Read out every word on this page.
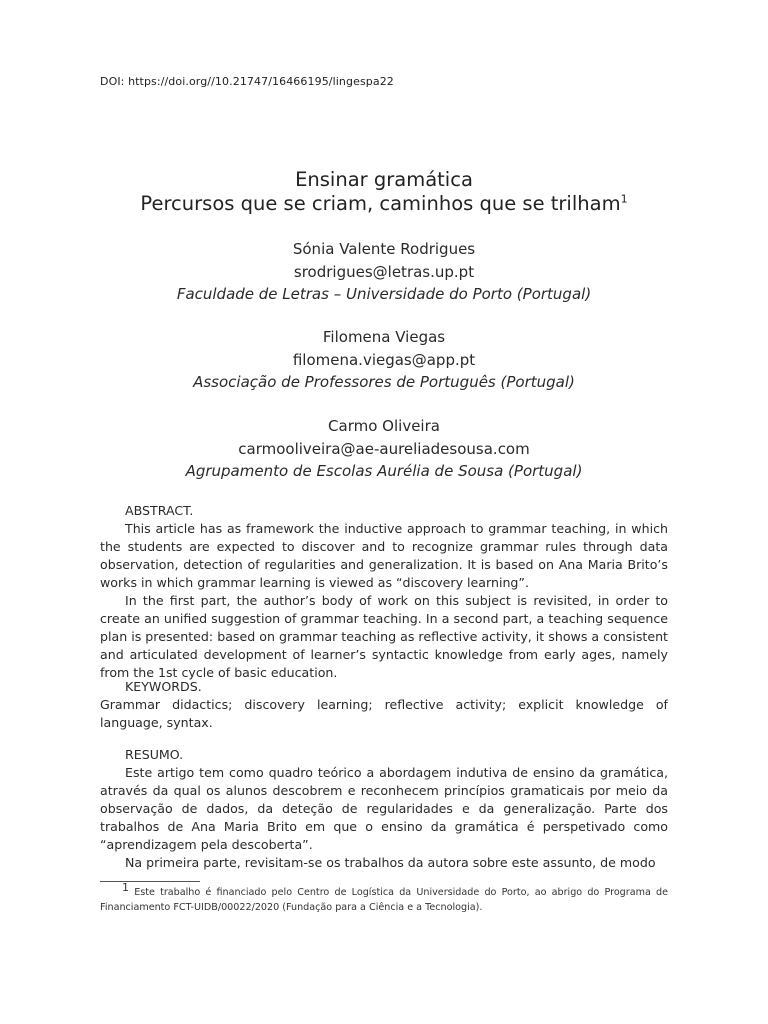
DOI: https://doi.org//10.21747/16466195/lingespa22
Ensinar gramática
Percursos que se criam, caminhos que se trilham$^1$
Sónia Valente Rodrigues
srodrigues@letras.up.pt
Faculdade de Letras – Universidade do Porto (Portugal)
Filomena Viegas
filomena.viegas@app.pt
Associação de Professores de Português (Portugal)
Carmo Oliveira
carmooliveira@ae-aureliadesousa.com
Agrupamento de Escolas Aurélia de Sousa (Portugal)

ABSTRACT.

This article has as framework the inductive approach to grammar teaching, in which the students are expected to discover and to recognize grammar rules through data observation, detection of regularities and generalization. It is based on Ana Maria Brito’s works in which grammar learning is viewed as “discovery learning”.

In the first part, the author’s body of work on this subject is revisited, in order to create an unified suggestion of grammar teaching. In a second part, a teaching sequence plan is presented: based on grammar teaching as reflective activity, it shows a consistent and articulated development of learner’s syntactic knowledge from early ages, namely from the 1st cycle of basic education.

KEYWORDS.

Grammar didactics; discovery learning; reflective activity; explicit knowledge of language, syntax.

RESUMO.

Este artigo tem como quadro teórico a abordagem indutiva de ensino da gramática, através da qual os alunos descobrem e reconhecem princípios gramaticais por meio da observação de dados, da deteção de regularidades e da generalização. Parte dos trabalhos de Ana Maria Brito em que o ensino da gramática é perspetivado como “aprendizagem pela descoberta”.

Na primeira parte, revisitam-se os trabalhos da autora sobre este assunto, de modo

$^1$ Este trabalho é financiado pelo Centro de Logística da Universidade do Porto, ao abrigo do Programa de Financiamento FCT-UIDB/00022/2020 (Fundação para a Ciência e a Tecnologia).
